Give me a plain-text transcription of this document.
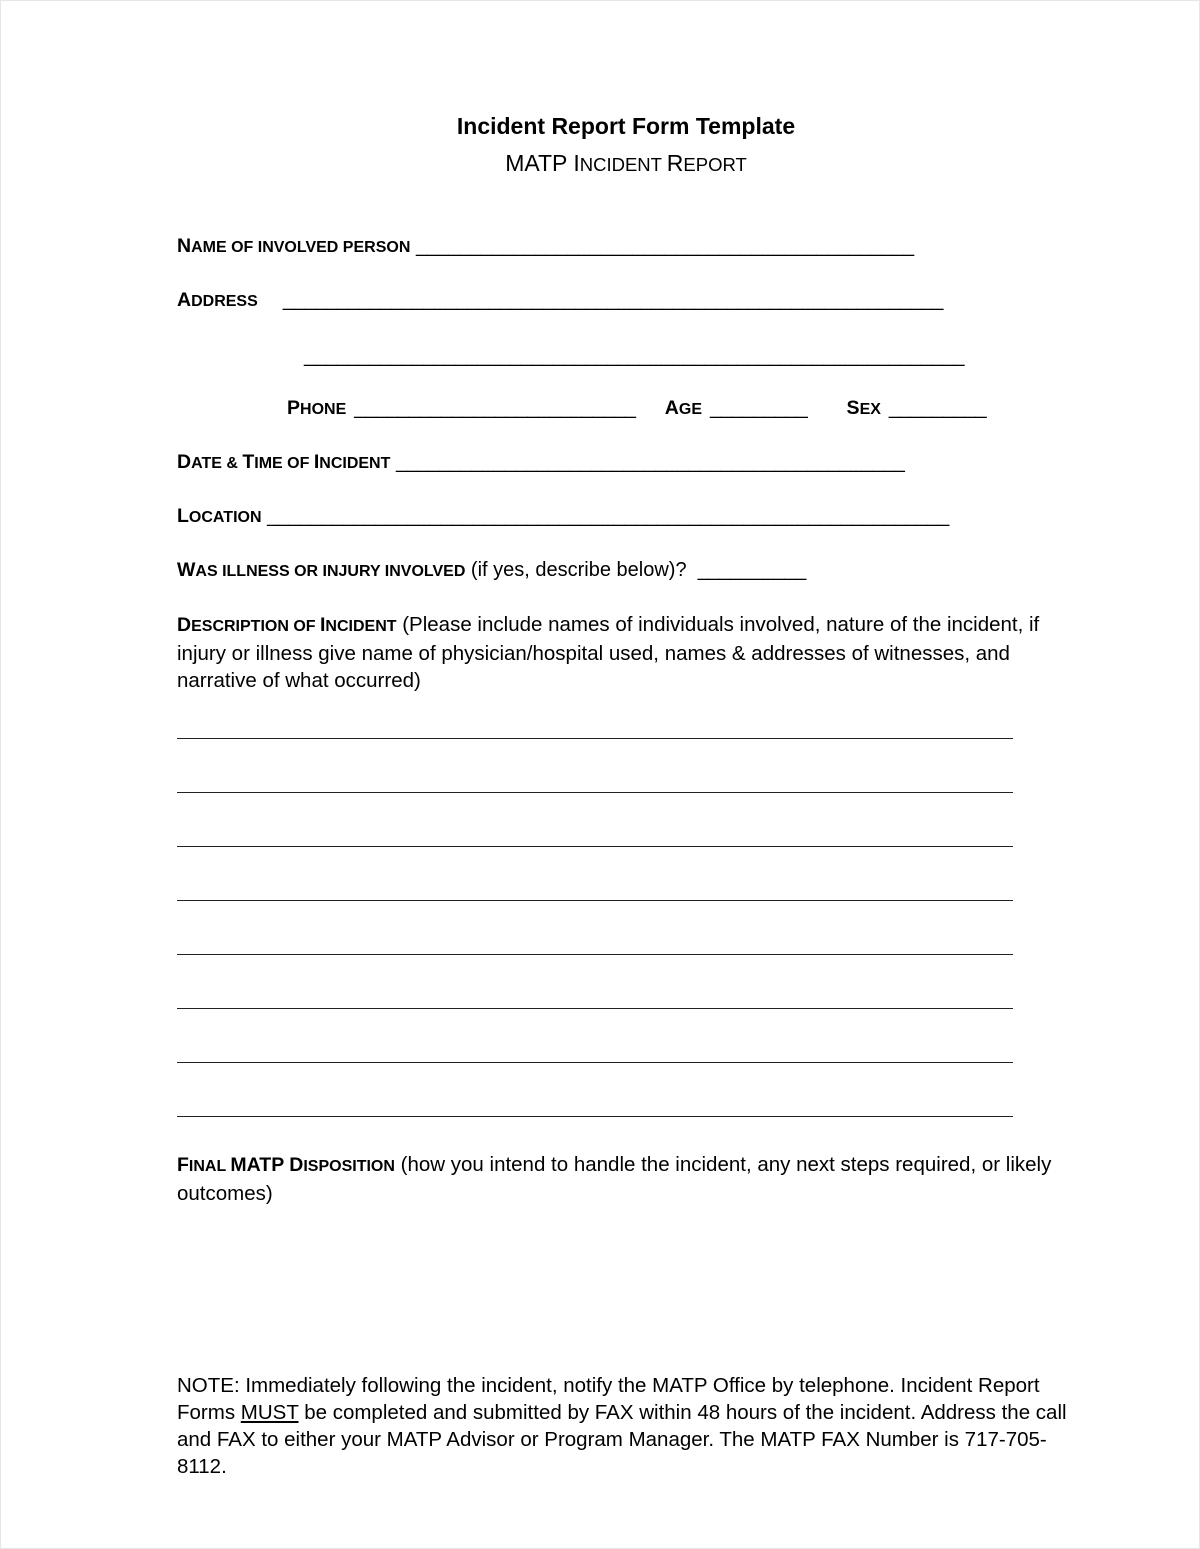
Incident Report Form Template
MATP INCIDENT REPORT
NAME OF INVOLVED PERSON ______________________________________________
ADDRESS _____________________________________________________________
_____________________________________________________________
PHONE __________________________ AGE _________ SEX _________
DATE & TIME OF INCIDENT _______________________________________________
LOCATION _______________________________________________________________
WAS ILLNESS OR INJURY INVOLVED (if yes, describe below)?  __________
DESCRIPTION OF INCIDENT (Please include names of individuals involved, nature of the incident, if injury or illness give name of physician/hospital used, names & addresses of witnesses, and narrative of what occurred)
FINAL MATP DISPOSITION (how you intend to handle the incident, any next steps required, or likely outcomes)
NOTE: Immediately following the incident, notify the MATP Office by telephone. Incident Report Forms MUST be completed and submitted by FAX within 48 hours of the incident. Address the call and FAX to either your MATP Advisor or Program Manager. The MATP FAX Number is 717-705-8112.
